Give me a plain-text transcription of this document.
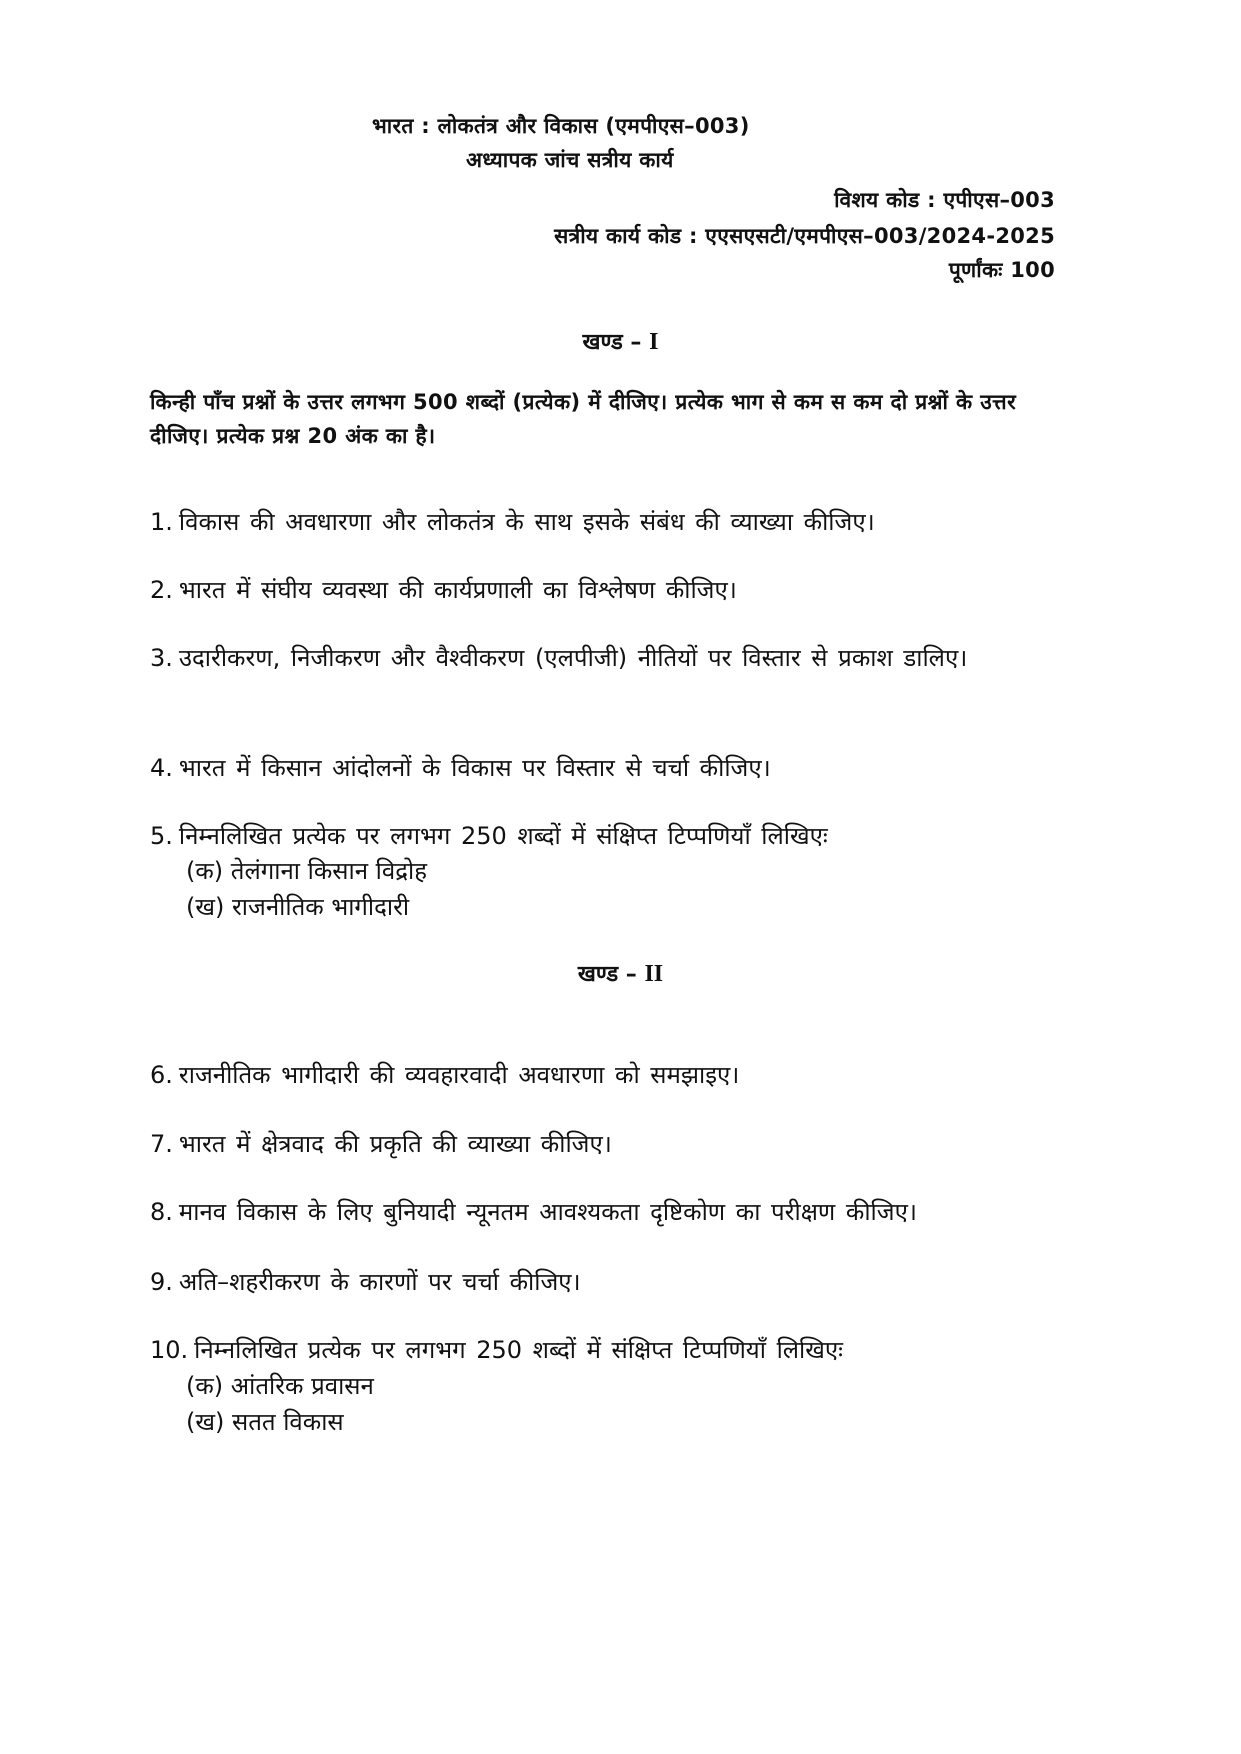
भारत : लोकतंत्र और विकास (एमपीएस–003)
अध्यापक जांच सत्रीय कार्य
विशय कोड : एपीएस–003
सत्रीय कार्य कोड : एएसएसटी/एमपीएस–003/2024-2025
पूर्णांकः 100
खण्ड – I
किन्ही पाँच प्रश्नों के उत्तर लगभग 500 शब्दों (प्रत्येक) में दीजिए। प्रत्येक भाग से कम स कम दो प्रश्नों के उत्तर दीजिए। प्रत्येक प्रश्न 20 अंक का है।
1. विकास की अवधारणा और लोकतंत्र के साथ इसके संबंध की व्याख्या कीजिए।
2. भारत में संघीय व्यवस्था की कार्यप्रणाली का विश्लेषण कीजिए।
3. उदारीकरण, निजीकरण और वैश्वीकरण (एलपीजी) नीतियों पर विस्तार से प्रकाश डालिए।
4. भारत में किसान आंदोलनों के विकास पर विस्तार से चर्चा कीजिए।
5. निम्नलिखित प्रत्येक पर लगभग 250 शब्दों में संक्षिप्त टिप्पणियाँ लिखिएः
(क) तेलंगाना किसान विद्रोह
(ख) राजनीतिक भागीदारी
खण्ड – II
6. राजनीतिक भागीदारी की व्यवहारवादी अवधारणा को समझाइए।
7. भारत में क्षेत्रवाद की प्रकृति की व्याख्या कीजिए।
8. मानव विकास के लिए बुनियादी न्यूनतम आवश्यकता दृष्टिकोण का परीक्षण कीजिए।
9. अति–शहरीकरण के कारणों पर चर्चा कीजिए।
10. निम्नलिखित प्रत्येक पर लगभग 250 शब्दों में संक्षिप्त टिप्पणियाँ लिखिएः
(क) आंतरिक प्रवासन
(ख) सतत विकास
